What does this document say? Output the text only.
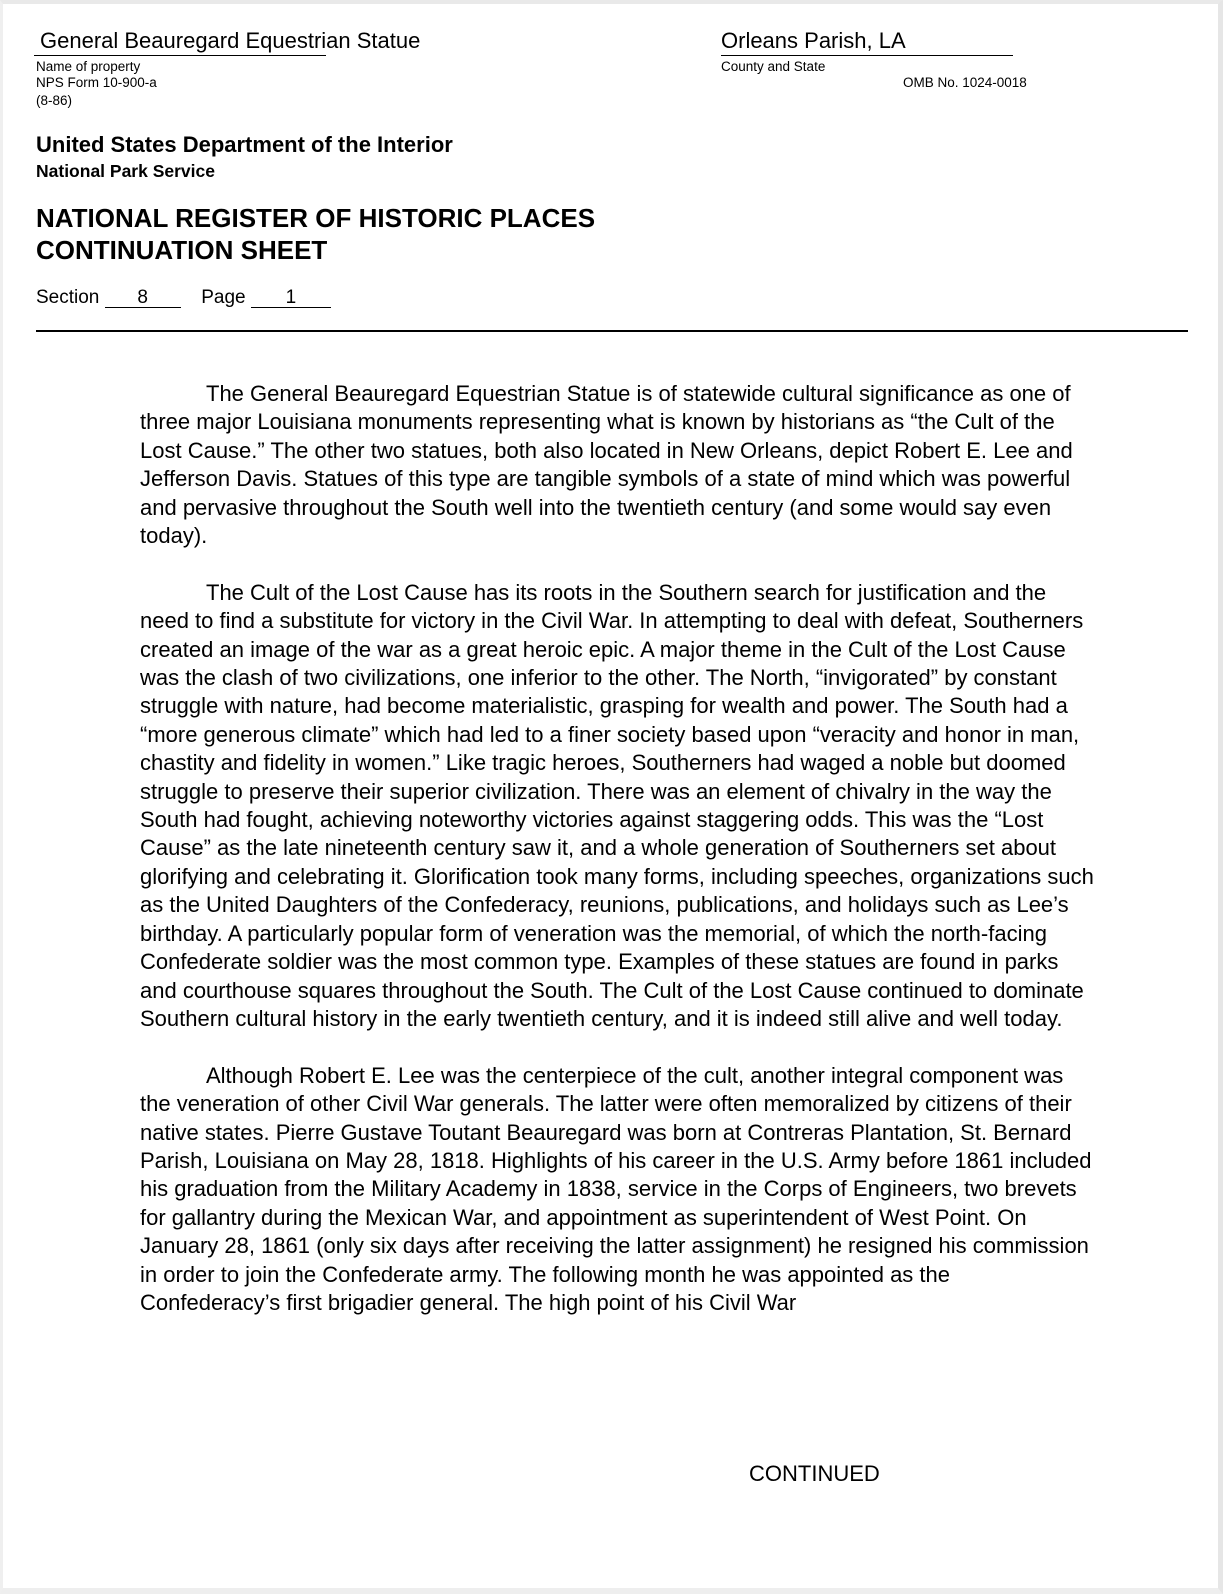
General Beauregard Equestrian Statue
Name of property
NPS Form 10-900-a
(8-86)
Orleans Parish, LA
County and State
OMB No. 1024-0018
United States Department of the Interior
National Park Service
NATIONAL REGISTER OF HISTORIC PLACES
CONTINUATION SHEET
Section 8	Page 1

The General Beauregard Equestrian Statue is of statewide cultural significance as one of three major Louisiana monuments representing what is known by historians as “the Cult of the Lost Cause.” The other two statues, both also located in New Orleans, depict Robert E. Lee and Jefferson Davis. Statues of this type are tangible symbols of a state of mind which was powerful and pervasive throughout the South well into the twentieth century (and some would say even today).

The Cult of the Lost Cause has its roots in the Southern search for justification and the need to find a substitute for victory in the Civil War. In attempting to deal with defeat, Southerners created an image of the war as a great heroic epic. A major theme in the Cult of the Lost Cause was the clash of two civilizations, one inferior to the other. The North, “invigorated” by constant struggle with nature, had become materialistic, grasping for wealth and power. The South had a “more generous climate” which had led to a finer society based upon “veracity and honor in man, chastity and fidelity in women.” Like tragic heroes, Southerners had waged a noble but doomed struggle to preserve their superior civilization. There was an element of chivalry in the way the South had fought, achieving noteworthy victories against staggering odds. This was the “Lost Cause” as the late nineteenth century saw it, and a whole generation of Southerners set about glorifying and celebrating it. Glorification took many forms, including speeches, organizations such as the United Daughters of the Confederacy, reunions, publications, and holidays such as Lee’s birthday. A particularly popular form of veneration was the memorial, of which the north-facing Confederate soldier was the most common type. Examples of these statues are found in parks and courthouse squares throughout the South. The Cult of the Lost Cause continued to dominate Southern cultural history in the early twentieth century, and it is indeed still alive and well today.

Although Robert E. Lee was the centerpiece of the cult, another integral component was the veneration of other Civil War generals. The latter were often memoralized by citizens of their native states. Pierre Gustave Toutant Beauregard was born at Contreras Plantation, St. Bernard Parish, Louisiana on May 28, 1818. Highlights of his career in the U.S. Army before 1861 included his graduation from the Military Academy in 1838, service in the Corps of Engineers, two brevets for gallantry during the Mexican War, and appointment as superintendent of West Point. On January 28, 1861 (only six days after receiving the latter assignment) he resigned his commission in order to join the Confederate army. The following month he was appointed as the Confederacy’s first brigadier general. The high point of his Civil War

CONTINUED
